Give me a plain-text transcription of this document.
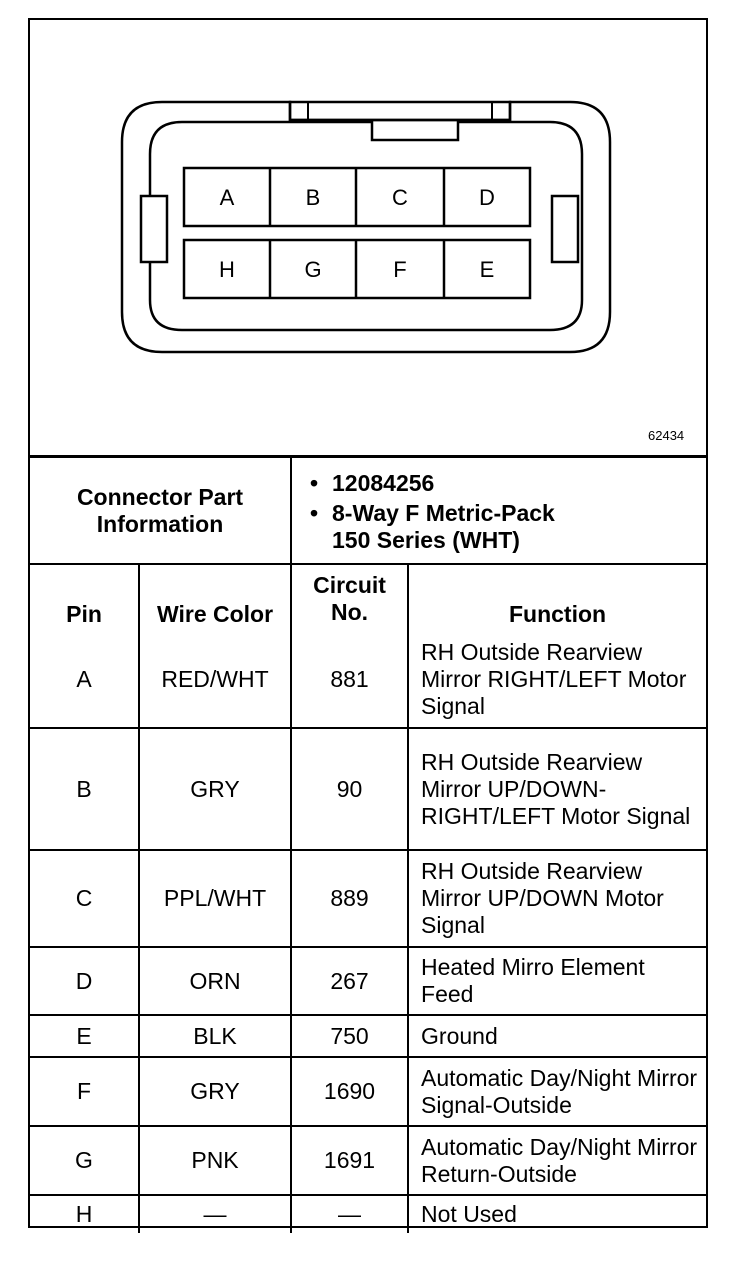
A	B	C	D
H	G	F	E
62434
Connector Part Information		• 12084256
• 8-Way F Metric-Pack
150 Series (WHT)

Pin	Wire Color	Circuit No.	Function
A	RED/WHT	881	RH Outside Rearview Mirror RIGHT/LEFT Motor Signal
B	GRY	90	RH Outside Rearview Mirror UP/DOWN-RIGHT/LEFT Motor Signal
C	PPL/WHT	889	RH Outside Rearview Mirror UP/DOWN Motor Signal
D	ORN	267	Heated Mirro Element Feed
E	BLK	750	Ground
F	GRY	1690	Automatic Day/Night Mirror Signal-Outside
G	PNK	1691	Automatic Day/Night Mirror Return-Outside
H	—	—	Not Used
